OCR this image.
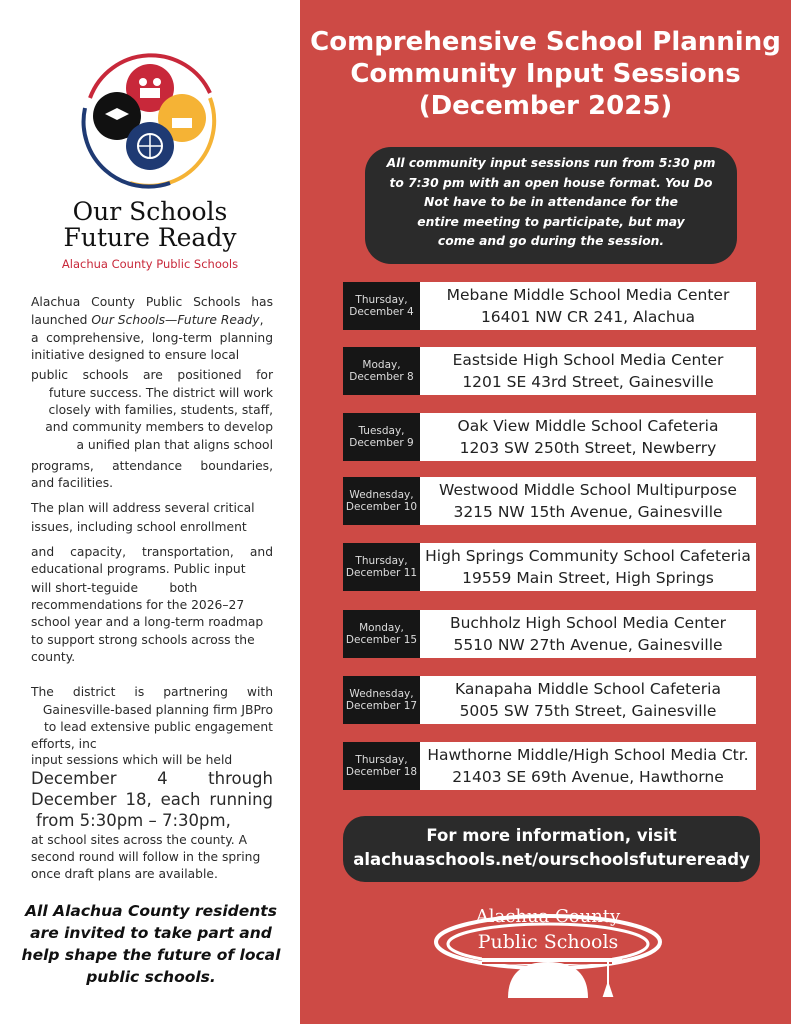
Our Schools
Future Ready
Alachua County Public Schools
Alachua County Public Schools has
launched Our Schools—Future Ready,
a comprehensive, long-term planning
initiative designed to ensure local
public schools are positioned for
future success. The district will work
closely with families, students, staff,
and community members to develop
a unified plan that aligns school
programs, attendance boundaries,
and facilities.
The plan will address several critical
issues, including school enrollment
and capacity, transportation, and
educational programs. Public input
will short-teguide        both
recommendations for the 2026–27
school year and a long-term roadmap
to support strong schools across the
county.
The district is partnering with
Gainesville-based planning firm JBPro
to lead extensive public engagement
efforts, inc
input sessions which will be held
December 4 through
December 18, each running
from 5:30pm – 7:30pm,
at school sites across the county. A
second round will follow in the spring
once draft plans are available.
All Alachua County residents are invited to take part and help shape the future of local public schools.
Comprehensive School Planning
Community Input Sessions
(December 2025)
All community input sessions run from 5:30 pm
to 7:30 pm with an open house format. You Do
Not have to be in attendance for the
entire meeting to participate, but may
come and go during the session.
Thursday,
December 4
Mebane Middle School Media Center
16401 NW CR 241, Alachua
Moday,
December 8
Eastside High School Media Center
1201 SE 43rd Street, Gainesville
Tuesday,
December 9
Oak View Middle School Cafeteria
1203 SW 250th Street, Newberry
Wednesday,
December 10
Westwood Middle School Multipurpose
3215 NW 15th Avenue, Gainesville
Thursday,
December 11
High Springs Community School Cafeteria
19559 Main Street, High Springs
Monday,
December 15
Buchholz High School Media Center
5510 NW 27th Avenue, Gainesville
Wednesday,
December 17
Kanapaha Middle School Cafeteria
5005 SW 75th Street, Gainesville
Thursday,
December 18
Hawthorne Middle/High School Media Ctr.
21403 SE 69th Avenue, Hawthorne
For more information, visit
alachuaschools.net/ourschoolsfutureready
Alachua County
Public Schools
